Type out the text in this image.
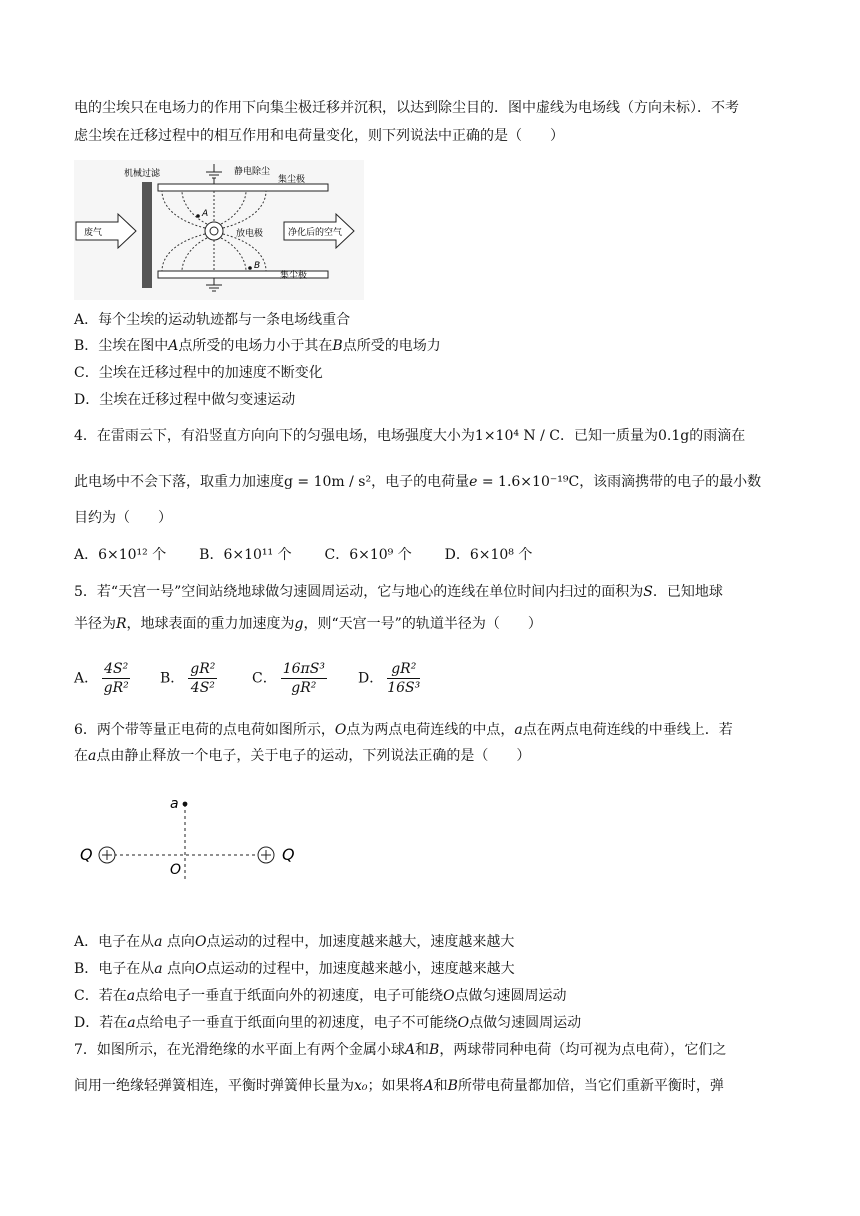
电的尘埃只在电场力的作用下向集尘极迁移并沉积，以达到除尘目的．图中虚线为电场线（方向未标）．不考
虑尘埃在迁移过程中的相互作用和电荷量变化，则下列说法中正确的是（　　）
机械过滤	静电除尘
集尘极
集尘极
放电极
A
B
废气	净化后的空气
A．每个尘埃的运动轨迹都与一条电场线重合
B．尘埃在图中A点所受的电场力小于其在B点所受的电场力
C．尘埃在迁移过程中的加速度不断变化
D．尘埃在迁移过程中做匀变速运动
4．在雷雨云下，有沿竖直方向向下的匀强电场，电场强度大小为1×10⁴ N / C．已知一质量为0.1g的雨滴在
此电场中不会下落，取重力加速度g = 10m / s²，电子的电荷量e = 1.6×10⁻¹⁹C，该雨滴携带的电子的最小数
目约为（　　）
A．6×10¹² 个 B．6×10¹¹ 个 C．6×10⁹ 个 D．6×10⁸ 个
5．若“天宫一号”空间站绕地球做匀速圆周运动，它与地心的连线在单位时间内扫过的面积为S．已知地球
半径为R，地球表面的重力加速度为g，则“天宫一号”的轨道半径为（　　）
A． $\frac{\text{4S²}}{\text{gR²}}$ B． $\frac{\text{gR²}}{\text{4S²}}$ C． $\frac{\text{16πS³}}{\text{gR²}}$ D． $\frac{\text{gR²}}{\text{16S³}}$
6．两个带等量正电荷的点电荷如图所示，O点为两点电荷连线的中点，a点在两点电荷连线的中垂线上．若
在a点由静止释放一个电子，关于电子的运动，下列说法正确的是（　　）
a
O
Q	Q
A．电子在从a 点向O点运动的过程中，加速度越来越大，速度越来越大
B．电子在从a 点向O点运动的过程中，加速度越来越小，速度越来越大
C．若在a点给电子一垂直于纸面向外的初速度，电子可能绕O点做匀速圆周运动
D．若在a点给电子一垂直于纸面向里的初速度，电子不可能绕O点做匀速圆周运动
7．如图所示，在光滑绝缘的水平面上有两个金属小球A和B，两球带同种电荷（均可视为点电荷），它们之
间用一绝缘轻弹簧相连，平衡时弹簧伸长量为x₀；如果将A和B所带电荷量都加倍，当它们重新平衡时，弹
